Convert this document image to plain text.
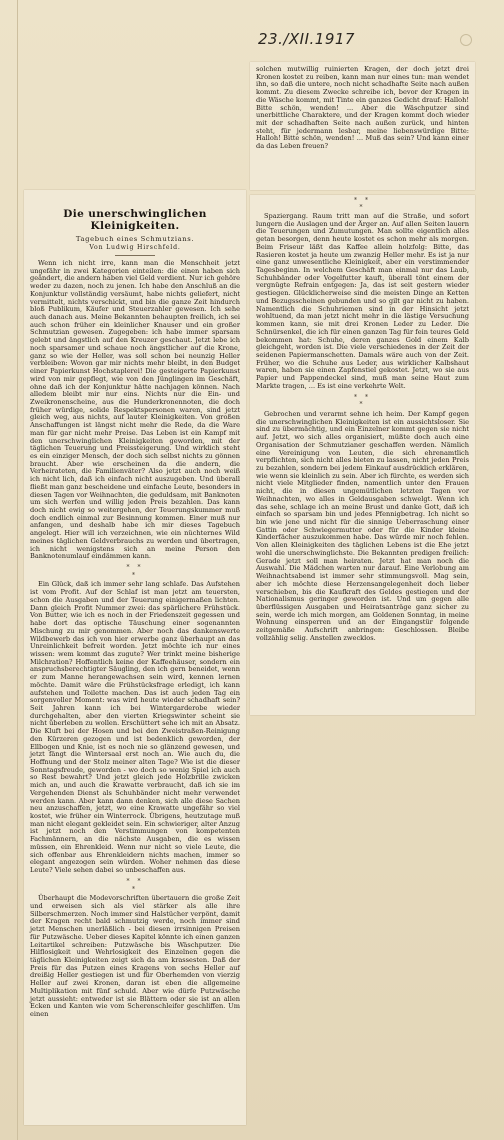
23./XII.1917
solchen mutwillig ruinierten Kragen, der doch jetzt drei Kronen kostet zu reiben, kann man nur eines tun: man wendet ihn, so daß die untere, noch nicht schadhafte Seite nach außen kommt. Zu diesem Zwecke schreibe ich, bevor der Kragen in die Wäsche kommt, mit Tinte ein ganzes Gedicht drauf: Halloh! Bitte schön, wenden! ... Aber die Wäschputzer sind unerbittliche Charaktere, und der Kragen kommt doch wieder mit der schadhaften Seite nach außen zurück, und hinten steht, für jedermann lesbar, meine liebenswürdige Bitte: Halloh! Bitte schön, wenden! ... Muß das sein? Und kann einer da das Leben freuen?
Die unerschwinglichen Kleinigkeiten.
Tagebuch eines Schmutzians.
Von Ludwig Hirschfeld.
Wenn ich nicht irre, kann man die Menschheit jetzt ungefähr in zwei Kategorien einteilen: die einen haben sich geändert, die andern haben viel Geld verdient. Nur ich gehöre weder zu dazen, noch zu jenen. Ich habe den Anschluß an die Konjunktur vollständig versäumt, habe nichts geliefert, nicht vermittelt, nichts verschickt, und bin die ganze Zeit hindurch bloß Publikum, Käufer und Steuerzahler gewesen. Ich sehe auch danach aus. Meine Bekannten behaupten freilich, ich sei auch schon früher ein kleinlicher Knauser und ein großer Schmutzian gewesen. Zugegeben: ich habe immer sparsam gelebt und ängstlich auf den Kreuzer geschaut. Jetzt lebe ich noch sparsamer und schaue noch ängstlicher auf die Krone, ganz so wie der Heller, was soll schon bei neunzig Heller verbleiben: Wovon gar mir nichts mehr bleibt, in den Budget einer Papierkunst Hochstaplerei! Die gesteigerte Papierkunst wird von mir gepflegt, wie von den Jünglingen im Geschäft, ohne daß ich der Konjunktur hätte nachjagen können. Nach alledem bleibt mir nur eins. Nichts nur die Ein- und Zweikronenscheine, aus die Hunderkronennoten, die doch früher würdige, solide Respektspersonen waren, sind jetzt gleich weg, aus nichts, auf lauter Kleinigkeiten. Von großen Anschaffungen ist längst nicht mehr die Rede, da die Ware man für gar nicht mehr Preise. Das Leben ist ein Kampf mit den unerschwinglichen Kleinigkeiten geworden, mit der täglichen Teuerung und Preissteigerung. Und wirklich steht es ein einziger Mensch, der doch sich selbst nichts zu gönnen braucht. Aber wie erscheinen da die andern, die Verheirateten, die Familienväter? Also jetzt auch noch weiß ich nicht lich, daß ich einfach nicht auszugeben. Und überall fließt man ganz bescheidene und einfache Leute, besonders in diesen Tagen vor Weihnachten, die geduldsam, mit Banknoten um sich werfen und willig jeden Preis bezahlen. Das kann doch nicht ewig so weitergehen, der Teuerungskummer muß doch endlich einmal zur Besinnung kommen. Einer muß nur anfangen, und deshalb habe ich mir dieses Tagebuch angelegt. Hier will ich verzeichnen, wie ein nüchternes Wild meines täglichen Geldverbrauchs zu werden und übertragen, ich nicht wenigstens sich an meine Person den Banknotenumlauf eindämmen kann.
* *
*
Ein Glück, daß ich immer sehr lang schlafe. Das Aufstehen ist vom Profit. Auf der Schlaf ist man jetzt am teuersten, schon die Ausgaben und der Teuerung einigermaßen lichten. Dann gleich Profit Nummer zwei: das spärlichere Frühstück. Von Butter, wie ich es noch in der Friedenszeit gegessen und habe dort das optische Täuschung einer sogenannten Mischung zu mir genommen. Aber noch das dankenswerte Wildbewerb das ich von hier erwerbe ganz überhaupt an das Unreinlichkeit befreit worden. Jetzt möchte ich nur eines wissen: wem kommt das zugute? Wer trinkt meine bisherige Milchration? Hoffentlich keine der Kaffeehäuser, sondern ein anspruchsberechtigter Säugling, den ich gern beneidet, wenn er zum Manne herangewachsen sein wird, kennen lernen möchte. Damit wäre die Frühstücksfrage erledigt, ich kann aufstehen und Toilette machen. Das ist auch jeden Tag ein sorgenvoller Moment: was wird heute wieder schadhaft sein? Seit Jahren kann ich bei Wintergarderobe wieder durchgehalten, aber den vierten Kriegswinter scheint sie nicht überleben zu wollen. Erschüttert sehe ich mit an Absatz. Die Kluft bei der Hosen und bei den Zweistraßen-Reinigung den Kürzeren gezogen und ist bedenklich geworden, der Ellbogen und Knie, ist es noch nie so glänzend gewesen, und jetzt fängt die Wintersaal erst noch an. Wie auch du, die Hoffnung und der Stolz meiner alten Tage? Wie ist die dieser Sonntagsfreude, geworden - wo doch so wenig Spiel ich auch so Rest bewahrt? Und jetzt gleich jede Holzbrille zwicken mich an, und auch die Krawatte verbraucht, daß ich sie im Vergehenden Dienst als Schuhbänder nicht mehr verwendet werden kann. Aber kann dann denken, sich alle diese Sachen neu anzuschaffen, jetzt, wo eine Krawatte ungefähr so viel kostet, wie früher ein Winterrock. Übrigens, heutzutage muß man nicht elegant gekleidet sein. Ein schwieriger, alter Anzug ist jetzt noch den Verstimmungen von kompetenten Fachmännern, an die nächste Ausgaben, die es wissen müssen, ein Ehrenkleid. Wenn nur nicht so viele Leute, die sich offenbar aus Ehrenkleidern nichts machen, immer so elegant angezogen sein würden. Woher nehmen das diese Leute? Viele sehen dabei so unbeschaffen aus.
* *
*
Überhaupt die Modevorschriften übertauern die große Zeit und erweisen sich als viel stärker als alle ihre Silberschmerzen. Noch immer sind Halstücher verpönt, damit der Kragen recht bald schmutzig werde, noch immer sind jetzt Menschen unerläßlich - bei diesen irrsinnigen Preisen für Putzwäsche. Ueber dieses Kapitel könnte ich einen ganzen Leitartikel schreiben: Putzwäsche bis Wäschputzer. Die Hilflosigkeit und Wehrlosigkeit des Einzelnen gegen die täglichen Kleinigkeiten zeigt sich da am krassesten. Daß der Preis für das Putzen eines Kragens von sechs Heller auf dreißig Heller gestiegen ist und für Oberhemden von vierzig Heller auf zwei Kronen, daran ist eben die allgemeine Multiplikation mit fünf schuld. Aber wie dürfe Putzwäsche jetzt aussieht: entweder ist sie Blättern oder sie ist an allen Ecken und Kanten wie vom Scherenschleifer geschliffen. Um einen
* *
*
Spaziergang. Raum tritt man auf die Straße, und sofort lungern die Auslagen und der Ärger an. Auf allen Seiten lauern die Teuerungen und Zumutungen. Man sollte eigentlich alles getan besorgen, denn heute kostet es schon mehr als morgen. Beim Friseur läßt das Kaffee allein holzfolg: Bitte, das Rasieren kostet ja heute um zwanzig Heller mehr. Es ist ja nur eine ganz unwesentliche Kleinigkeit, aber ein verstimmender Tagesbeginn. In welchem Geschäft man einmal nur das Laub, Schuhbänder oder Vogelfutter kauft, überall tönt einem der vergnügte Refrain entgegen: Ja, das ist seit gestern wieder gestiegen. Glücklicherweise sind die meisten Dinge an Ketten und Bezugsscheinen gebunden und so gilt gar nicht zu haben. Namentlich die Schuhriemen sind in der Hinsicht jetzt wohltuend, da man jetzt nicht mehr in die lästige Versuchung kommen kann, sie mit drei Kronen Leder zu Leder. Die Schnürsenkel, die ich für einen ganzen Tag für fein teures Geld bekommen hat: Schuhe, deren ganzes Gold einem Kalb gleichgeht, worden ist. Die viele verschiedenes in der Zeit der seidenen Papiermanschetten. Damals wäre auch von der Zeit. Früher, wo die Schuhe aus Leder, aus wirklicher Kalbshaut waren, haben sie einen Zapfenstiel gekostet. Jetzt, wo sie aus Papier und Pappendeckel sind, muß man seine Haut zum Markte tragen, ... Es ist eine verkehrte Welt.
* *
*
Gebrochen und verarmt sehne ich heim. Der Kampf gegen die unerschwinglichen Kleinigkeiten ist ein aussichtsloser. Sie sind zu übermächtig, und ein Einzelner kommt gegen sie nicht auf. Jetzt, wo sich alles organisiert, müßte doch auch eine Organisation der Schmutzianer geschaffen werden. Nämlich eine Vereinigung von Leuten, die sich ehrenamtlich verpflichten, sich nicht alles bieten zu lassen, nicht jeden Preis zu bezahlen, sondern bei jedem Einkauf ausdrücklich erklären, wie wenn sie kleinlich zu sein. Aber ich fürchte, es werden sich nicht viele Mitglieder finden, namentlich unter den Frauen nicht, die in diesen ungemütlichen letzten Tagen vor Weihnachten, wo alles in Geldausgaben schwelgt. Wenn ich das sehe, schlage ich an meine Brust und danke Gott, daß ich einfach so sparsam bin und jedes Pfennigbetrag. Ich nicht so bin wie jene und nicht für die sinnige Ueberraschung einer Gattin oder Schwiegermutter oder für die Kinder kleine Kinderfächer auszukommen habe. Das würde mir noch fehlen. Von allen Kleinigkeiten des täglichen Lebens ist die Ehe jetzt wohl die unerschwinglichste. Die Bekannten predigen freilich: Gerade jetzt soll man heiraten. Jetzt hat man noch die Auswahl. Die Mädchen warten nur darauf. Eine Verlobung am Weihnachtsabend ist immer sehr stimmungsvoll. Mag sein, aber ich möchte diese Herzensangelegenheit doch lieber verschieben, bis die Kaufkraft des Geldes gestiegen und der Nationalismus geringer geworden ist. Und um gegen alle überflüssigen Ausgaben und Heiratsanträge ganz sicher zu sein, werde ich mich morgen, am Goldenen Sonntag, in meine Wohnung einsperren und an der Eingangstür folgende zeitgemäße Aufschrift anbringen: Geschlossen. Bleibe vollzählig selig. Anstellen zwecklos.
